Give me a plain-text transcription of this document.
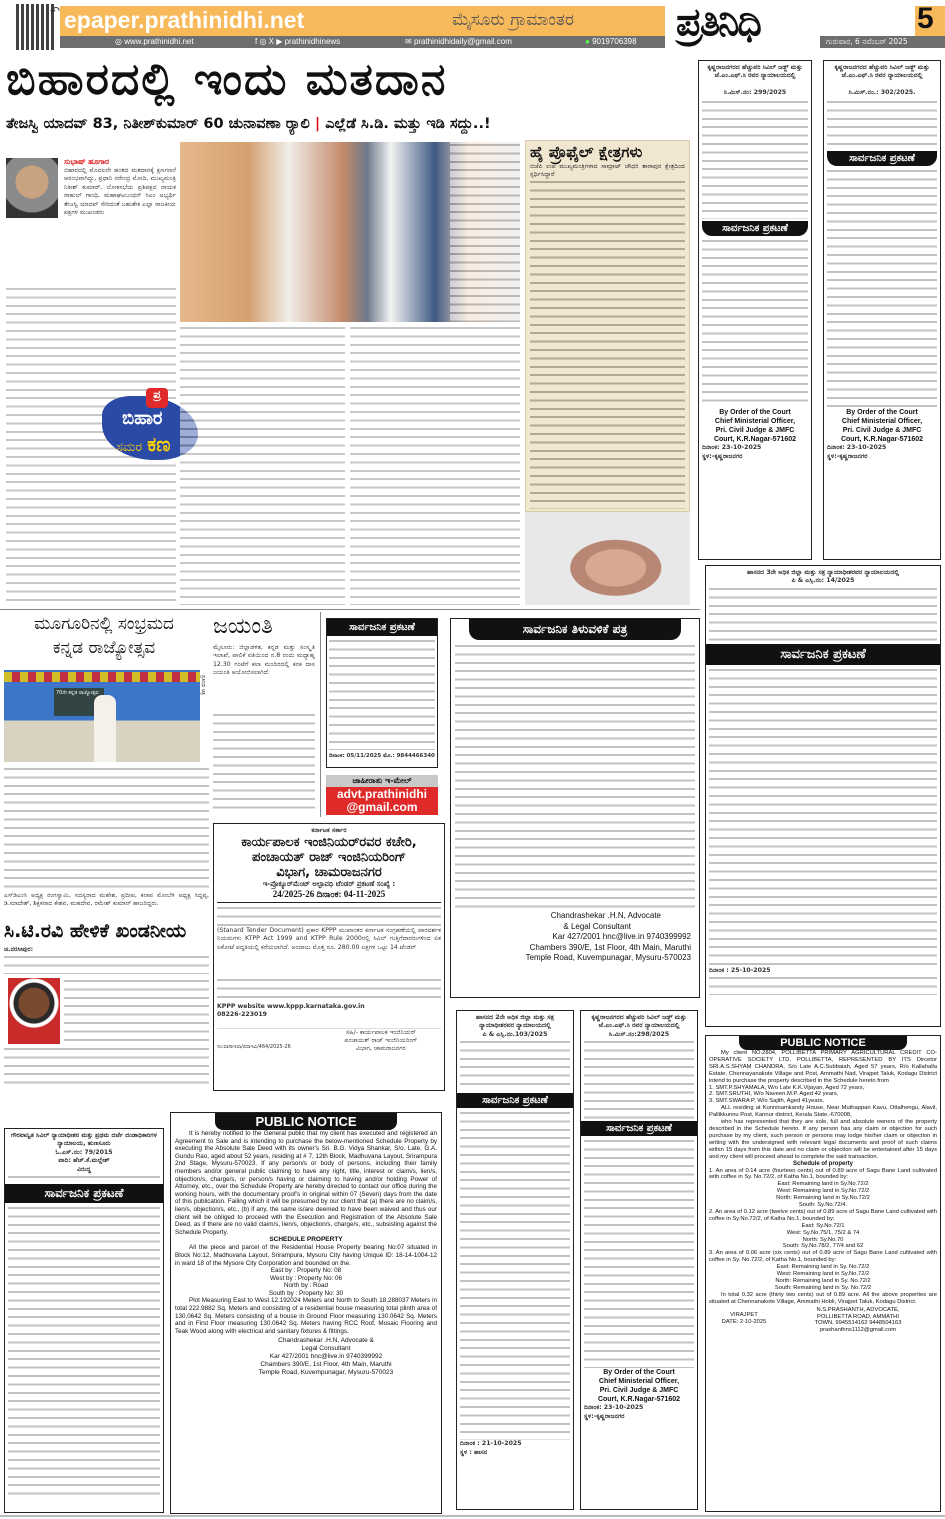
↶ epaper.prathinidhi.net	ಮೈಸೂರು ಗ್ರಾಮಾಂತರ
◎ www.prathinidhi.net	f ◎ X ▶ prathinidhinews	✉ prathinidhidaily@gmail.com	● 9019706398 ಪ್ರತಿನಿಧಿ	5
ಗುರುವಾರ, 6 ನವೆಂಬರ್ 2025
ಬಿಹಾರದಲ್ಲಿ ಇಂದು ಮತದಾನ
ತೇಜಸ್ವಿ ಯಾದವ್ 83, ನಿತೀಶ್‌ಕುಮಾರ್ 60 ಚುನಾವಣಾ ರ್‍ಯಾಲಿ | ಎಲ್ಲೆಡೆ ಸಿ.ಡಿ. ಮತ್ತು ಇಡಿ ಸದ್ದು..!
ಸುಭಾಷ್ ಹೂಗಾರ
ಬಿಹಾರದಲ್ಲಿ ಮೊದಲನೇ ಹಂತದ ಮತದಾನಕ್ಕೆ ಕ್ಷಣಗಣನೆ ಆರಂಭವಾಗಿದ್ದು, ಪ್ರಧಾನಿ ನರೇಂದ್ರ ಮೋದಿ, ಮುಖ್ಯಮಂತ್ರಿ ನಿತೀಶ್ ಕುಮಾರ್, ಲೋಕಸಭೆಯ ಪ್ರತಿಪಕ್ಷದ ನಾಯಕ ರಾಹುಲ್ ಗಾಂಧಿ, ಮಹಾಘಟಬಂಧನ್ ಸಿಎಂ ಅಭ್ಯರ್ಥಿ ತೇಜಸ್ವಿ ಯಾದವ್ ಸೇರಿದಂತೆ ಬಹುತೇಕ ಎಲ್ಲಾ ರಾಜಕೀಯ ಪಕ್ಷಗಳ ಮುಖಂಡರು
ಪ್ರ
ಬಿಹಾರ
ಸಮರ ಕಣ
ಹೈ ಪ್ರೊಫೈಲ್ ಕ್ಷೇತ್ರಗಳು
ಬಿಜೆಪಿ ಉಪ ಮುಖ್ಯಮಂತ್ರಿಗಳಾದ ಸಾಮ್ರಾಟ್ ಚೌಧರಿ ತಾರಾಪುರ ಕ್ಷೇತ್ರದಿಂದ ಸ್ಪರ್ಧಿಸಿದ್ದಾರೆ
ಕೃಷ್ಣರಾಜನಗರದ ಹೆಚ್ಚುವರಿ ಸಿವಿಲ್ ಜಡ್ಜ್ ಮತ್ತು ಜೆ.ಎಂ.ಎಫ್.ಸಿ ರವರ ನ್ಯಾಯಾಲಯದಲ್ಲಿ
ಸಿ.ಮಿಸ್.ನಂ: 299/2025
ಸಾರ್ವಜನಿಕ ಪ್ರಕಟಣೆ
By Order of the Court
Chief Ministerial Officer,
Pri. Civil Judge & JMFC
Court, K.R.Nagar-571602
ದಿನಾಂಕ: 23-10-2025
ಸ್ಥಳ:-ಕೃಷ್ಣರಾಜನಗರ
ಕೃಷ್ಣರಾಜನಗರದ ಹೆಚ್ಚುವರಿ ಸಿವಿಲ್ ಜಡ್ಜ್ ಮತ್ತು ಜೆ.ಎಂ.ಎಫ್.ಸಿ ರವರ ನ್ಯಾಯಾಲಯದಲ್ಲಿ
ಸಿ.ಮಿಸ್.ನಂ.: 302/2025.
ಸಾರ್ವಜನಿಕ ಪ್ರಕಟಣೆ
By Order of the Court
Chief Ministerial Officer,
Pri. Civil Judge & JMFC
Court, K.R.Nagar-571602
ದಿನಾಂಕ: 23-10-2025
ಸ್ಥಳ:-ಕೃಷ್ಣರಾಜನಗರ
ಹಾಸನದ 3ನೇ ಅಧಿಕ ಜಿಲ್ಲಾ ಮತ್ತು ಸತ್ರ ನ್ಯಾಯಾಧೀಶರವರ ನ್ಯಾಯಾಲಯದಲ್ಲಿ
ಪಿ & ಎಸ್ಸಿ.ನಂ: 14/2025
ಸಾರ್ವಜನಿಕ ಪ್ರಕಟಣೆ
ದಿನಾಂಕ : 25-10-2025
ಮೂಗೂರಿನಲ್ಲಿ ಸಂಭ್ರಮದ
ಕನ್ನಡ ರಾಜ್ಯೋತ್ಸವ
70ನೇ ಕನ್ನಡ ರಾಜ್ಯೋತ್ಸವ	ಪ್ರತಿನಿಧಿ ಚಿತ್ರ
ಎಸ್‌ಡಿಎಂಸಿ ಅಧ್ಯಕ್ಷ ರಂಗಸ್ವಾಮಿ, ಸದಸ್ಯರಾದ ಮಹೇಶ, ಪ್ರದೀಪ, ಕನಾಪ ಮೋಬೆಳಿ ಅಧ್ಯಕ್ಷ ಸಿದ್ದಪ್ಪ, ಡಿ.ಮಾದೇಶ್, ಶಿಕ್ಷಕರಾದ ಕೇಶವ, ಮಹದೇವ, ರಮೇಶ್ ಕುಮಾರ್ ಹಾಜರಿದ್ದರು.
ಸಿ.ಟಿ.ರವಿ ಹೇಳಿಕೆ ಖಂಡನೀಯ
ಚಿ.ನರಸೀಪುರ:
ಜಯಂತಿ
ಮೈಸೂರು: ಜಿಲ್ಲಾಡಳಿತ, ಕನ್ನಡ ಮತ್ತು ಸಂಸ್ಕೃತಿ ಇಲಾಖೆ, ಪಾಲಿಕೆ ವತಿಯಿಂದ ನ.8 ರಂದು ಮಧ್ಯಾಹ್ನ 12.30 ಗಂಟೆಗೆ ಕಲಾ ಮಂದಿರದಲ್ಲಿ ಕನಕ ದಾಸ ಜಯಂತಿ ಆಯೋಜಿಸಲಾಗಿದೆ.
ಸಾರ್ವಜನಿಕ ಪ್ರಕಟಣೆ
ದಿನಾಂಕ: 05/11/2025 ಮೊ.: 9844466340
ಜಾಹೀರಾತು ಇ-ಮೇಲ್
advt.prathinidhi
@gmail.com
ಕರ್ನಾಟಕ ಸರ್ಕಾರ
ಕಾರ್ಯಪಾಲಕ ಇಂಜಿನಿಯರ್‌ರವರ ಕಚೇರಿ,
ಪಂಚಾಯತ್ ರಾಜ್ ಇಂಜಿನಿಯರಿಂಗ್
ವಿಭಾಗ, ಚಾಮರಾಜನಗರ
ಇ-ಪ್ರೊಕ್ಯೂರ್‌ಮೆಂಟ್ ಅಲ್ಪಾವಧಿ ಟೆಂಡರ್ ಪ್ರಕಟಣೆ ಸಂಖ್ಯೆ :
24/2025-26 ದಿನಾಂಕ: 04-11-2025
(Stanard Tender Document) ಪ್ರಕಾರ KPPP ಮುಖಾಂತರ ಕರ್ನಾಟಕ ಸಂಗ್ರಹಣೆಯಲ್ಲಿ ಪಾರದರ್ಶಕ ನಿಯಮಗಳು KTPP Act 1999 and KTPP Rule 2000ರಲ್ಲಿ ಸಿವಿಲ್ ಗುತ್ತಿಗೆದಾರರುಗಳಿಂದ ಏಕ ಲಕೋಟೆ ಪದ್ಧತಿಯಲ್ಲಿ ಕರೆಯಲಾಗಿದೆ. ಅಂದಾಜು ಮೊತ್ತ ರೂ. 280.00 ಲಕ್ಷಗಳ ಒಟ್ಟು 14 ಟೆಂಡರ್
KPPP website www.kppp.karnataka.gov.in
08226-223019
ಸಂ:ವಾಸಾಇಲಾ/ಪರಾಇವಿ/464/2025-26
ಸಹಿ/- ಕಾರ್ಯಪಾಲಕ ಇಂಜಿನಿಯರ್
ಪಂಚಾಯತ್ ರಾಜ್ ಇಂಜಿನಿಯರಿಂಗ್
ವಿಭಾಗ, ಚಾಮರಾಜನಗರ
ಸಾರ್ವಜನಿಕ ತಿಳುವಳಿಕೆ ಪತ್ರ
Chandrashekar .H.N, Advocate
& Legal Consultant
Kar 427/2001 hnc@live.in 9740399992
Chambers 390/E, 1st Floor, 4th Main, Maruthi
Temple Road, Kuvempunagar, Mysuru-570023
ಹಾಸನದ 2ನೇ ಅಧಿಕ ಜಿಲ್ಲಾ ಮತ್ತು ಸತ್ರ ನ್ಯಾಯಾಧೀಶರವರ ನ್ಯಾಯಾಲಯದಲ್ಲಿ
ಪಿ & ಎಸ್ಸಿ.ನಂ.103/2025
ಸಾರ್ವಜನಿಕ ಪ್ರಕಟಣೆ
ದಿನಾಂಕ : 21-10-2025
ಸ್ಥಳ : ಹಾಸನ
ಕೃಷ್ಣರಾಜನಗರದ ಹೆಚ್ಚುವರಿ ಸಿವಿಲ್ ಜಡ್ಜ್ ಮತ್ತು ಜೆ.ಎಂ.ಎಫ್.ಸಿ ರವರ ನ್ಯಾಯಾಲಯದಲ್ಲಿ
ಸಿ.ಮಿಸ್.ನಂ:298/2025
ಸಾರ್ವಜನಿಕ ಪ್ರಕಟಣೆ
By Order of the Court
Chief Ministerial Officer,
Pri. Civil Judge & JMFC
Court, K.R.Nagar-571602
ದಿನಾಂಕ: 23-10-2025
ಸ್ಥಳ:-ಕೃಷ್ಣರಾಜನಗರ
ಗೌರವಾನ್ವಿತ ಸಿವಿಲ್ ನ್ಯಾಯಾಧೀಶರ ಮತ್ತು ಪ್ರಥಮ ದರ್ಜೆ ದಂಡಾಧಿಕಾರಿಗಳ ನ್ಯಾಯಾಲಯ, ಹುಣಸೂರು
ಓ.ಎಸ್.ನಂ: 79/2015
ವಾದಿ: ಹೆಚ್.ಕೆ.ಮಲ್ಲೇಶ್
ವಿರುದ್ಧ
ಸಾರ್ವಜನಿಕ ಪ್ರಕಟಣೆ
PUBLIC NOTICE
It is hereby notified to the General public that my client has executed and registered an Agreement to Sale and is intending to purchase the below-mentioned Schedule Property by executing the Absolute Sale Deed with its owner's Sri. B.G. Vidya Shankar, S/o. Late. G.A. Gundu Rao, aged about 52 years, residing at # 7, 12th Block, Madhuvana Layout, Srirampura 2nd Stage, Mysuru-570023. If any person/s or body of persons, including their family members and/or general public claiming to have any right, title, interest or claim/s, lien/s, objection/s, charge/s, or person/s having or claiming to having and/or holding Power of Attorney, etc., over the Schedule Property are hereby directed to contact our office during the working hours, with the documentary proof's in original within 07 (Seven) days from the date of this publication. Failing which it will be presumed by our client that (a) there are no claim/s, lien/s, objection/s, etc., (b) if any, the same is/are deemed to have been waived and thus our client will be obliged to proceed with the Execution and Registration of the Absolute Sale Deed, as if there are no valid claim/s, lien/s, objection/s, charge/s, etc., subsisting against the Schedule Property.
SCHEDULE PROPERTY
All the piece and parcel of the Residential House Property bearing No:07 situated in Block No:12, Madhuvana Layout, Srirampura, Mysuru City having Unique ID: 18-14-1004-12 in ward 18 of the Mysore City Corporation and bounded on the.
East by : Property No: 08
West by : Property No: 06
North by : Road
South by : Property No: 30
Plot Measuring East to West 12.192024 Meters and North to South 18.288037 Meters in total 222.9882 Sq. Meters and consisting of a residential house measuring total plinth area of 130.0642 Sq. Meters consisting of a house in Ground Floor measuring 130.0642 Sq. Meters and in First Floor measuring 130.0642 Sq. Meters having RCC Roof, Mosaic Flooring and Teak Wood along with electrical and sanitary fixtures & fittings.
Chandrashekar .H.N, Advocate &
Legal Consultant
Kar 427/2001 hnc@live.in 9740399992
Chambers 390/E, 1st Floor, 4th Main, Maruthi
Temple Road, Kuvempunagar, Mysuru-570023
PUBLIC NOTICE
My client NO.2804, POLLIBETTA PRIMARY AGRICULTURAL CREDIT CO-OPERATIVE SOCIETY LTD, POLLIBETTA, REPRESENTED BY ITS Dircetor SRI.A.S.SHYAM CHANDRA, S/o Late A.C.Subbaiah, Aged 57 years, R/o Kallahalla Estate, Chennayanakote Village and Post, Ammathi Nad, Virajpet Taluk, Kodagu District intend to purchase the property described in the Schedule hereto from
1. SMT.P.SHYAMALA, W/o Late K.K.Vijayan, Aged 72 years,
2. SMT.SRUTHI, W/o Naveen.M.P. Aged 42 years,
3. SMT.SWARA P, W/o Sajith, Aged 41years,
ALL residing at Kunninamkandy House, Near Muthappan Kavu, Ottalhengu, Alavil, Pallikkunnu Post, Kannur district, Kerala State.-670008,
who has represented that they are sole, full and absolute owners of the property described in the Schedule hereto. If any person has any claim or objection for such purchase by my client, such person or persons may lodge his/her claim or objection in writing with the undersigned with relevant legal documents and proof of such claims within 15 days from this date and no claim or objection will be entertained after 15 days and my client will proceed ahead to complete the said transaction.
Schedule of property
1. An area of 0.14 acre (fourteen cents) out of 0.89 acre of Sagu Bane Land cultivated with coffee in Sy. No.72/2, of Katha No.1, bounded by:
East: Remaining land in Sy.No.72/2
West: Remaining land in Sy.No.72/2
North: Remaining land in Sy.No.72/2
South: Sy.No.72/4.
2. An area of 0.12 acre (twelve cents) out of 0.89 acre of Sagu Bane Land cultivated with coffee in Sy.No.72/2, of Katha No.1, bounded by:
East: Sy.No.72/1
West: Sy.No.75/1, 75/2 & 74
North: Sy.No.70
South: Sy.No.78/2, 77/4 and 62
3. An area of 0.06 acre (six cents) out of 0.89 acre of Sagu Bane Land cultivated with coffee in Sy. No.72/2, of Katha No.1, bounded by:
East: Remaining land in Sy. No.72/2
West: Remaining land in Sy.No.72/2
North: Remaining land in Sy. No.72/2
South: Remaining land in Sy. No.72/2
In total 0.32 acre (thirty two cents) out of 0.89 acre. All the above properties are situated at Chennanakote Village, Ammathi Hobli, Virajpet Taluk, Kodagu District.
VIRAJPET
DATE: 2-10-2025
N.S.PRASHANTH, ADVOCATE,
POLLIBETTA ROAD, AMMATHI
TOWN, 9945514162 9448504163
prashanthns1112@gmail.com
